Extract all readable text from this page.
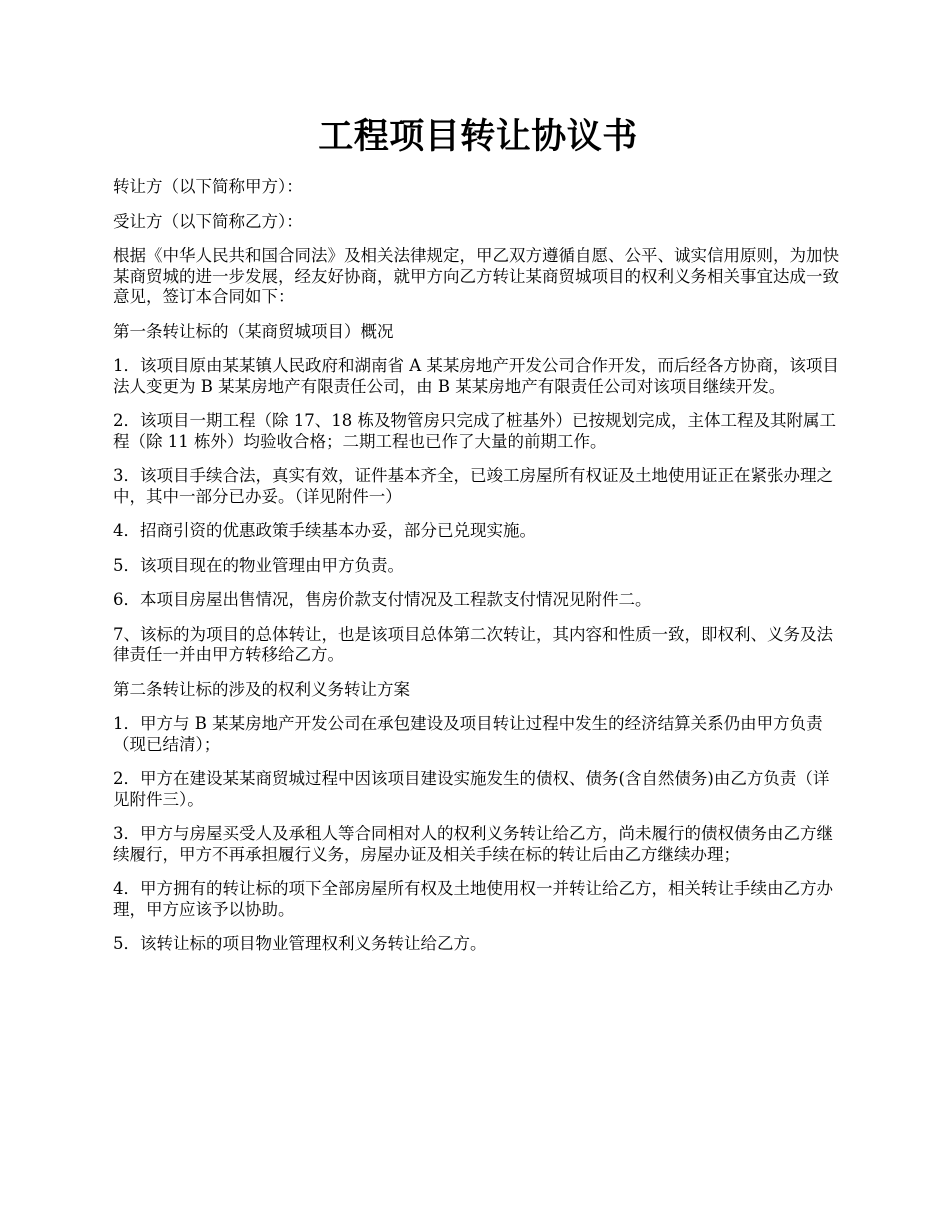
工程项目转让协议书

转让方（以下简称甲方）：

受让方（以下简称乙方）：

根据《中华人民共和国合同法》及相关法律规定，甲乙双方遵循自愿、公平、诚实信用原则，为加快某商贸城的进一步发展，经友好协商，就甲方向乙方转让某商贸城项目的权利义务相关事宜达成一致意见，签订本合同如下：

第一条转让标的（某商贸城项目）概况

1．该项目原由某某镇人民政府和湖南省 A 某某房地产开发公司合作开发，而后经各方协商，该项目法人变更为 B 某某房地产有限责任公司，由 B 某某房地产有限责任公司对该项目继续开发。

2．该项目一期工程（除 17、18 栋及物管房只完成了桩基外）已按规划完成，主体工程及其附属工程（除 11 栋外）均验收合格；二期工程也已作了大量的前期工作。

3．该项目手续合法，真实有效，证件基本齐全，已竣工房屋所有权证及土地使用证正在紧张办理之中，其中一部分已办妥。（详见附件一）

4．招商引资的优惠政策手续基本办妥，部分已兑现实施。

5．该项目现在的物业管理由甲方负责。

6．本项目房屋出售情况，售房价款支付情况及工程款支付情况见附件二。

7、该标的为项目的总体转让，也是该项目总体第二次转让，其内容和性质一致，即权利、义务及法律责任一并由甲方转移给乙方。

第二条转让标的涉及的权利义务转让方案

1．甲方与 B 某某房地产开发公司在承包建设及项目转让过程中发生的经济结算关系仍由甲方负责（现已结清）；

2．甲方在建设某某商贸城过程中因该项目建设实施发生的债权、债务(含自然债务)由乙方负责（详见附件三）。

3．甲方与房屋买受人及承租人等合同相对人的权利义务转让给乙方，尚未履行的债权债务由乙方继续履行，甲方不再承担履行义务，房屋办证及相关手续在标的转让后由乙方继续办理；

4．甲方拥有的转让标的项下全部房屋所有权及土地使用权一并转让给乙方，相关转让手续由乙方办理，甲方应该予以协助。

5．该转让标的项目物业管理权利义务转让给乙方。
